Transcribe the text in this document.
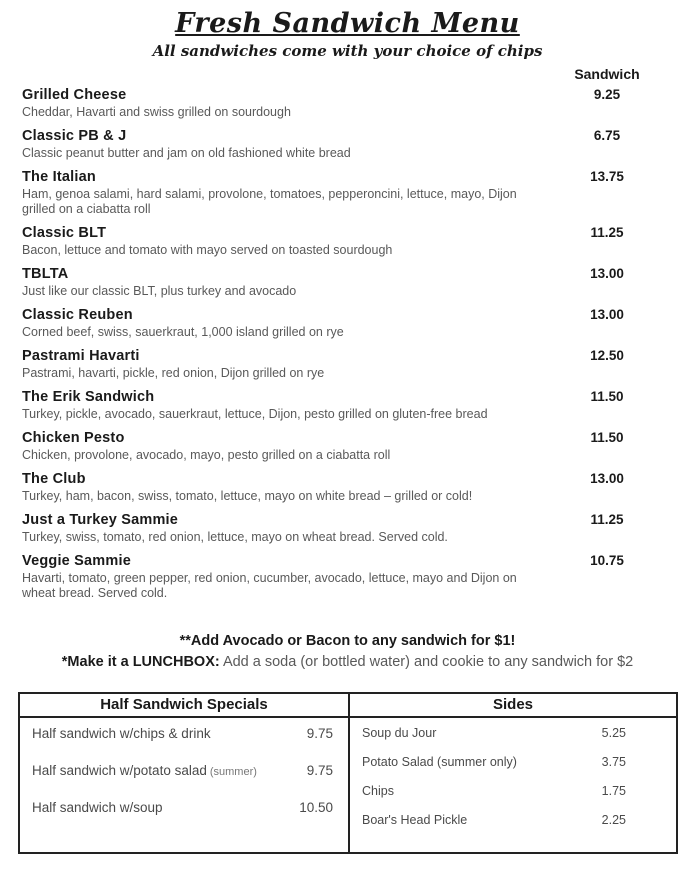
Fresh Sandwich Menu
All sandwiches come with your choice of chips
Sandwich
Grilled Cheese	9.25
Cheddar, Havarti and swiss grilled on sourdough
Classic PB & J	6.75
Classic peanut butter and jam on old fashioned white bread
The Italian	13.75
Ham, genoa salami, hard salami, provolone, tomatoes, pepperoncini, lettuce, mayo, Dijon grilled on a ciabatta roll
Classic BLT	11.25
Bacon, lettuce and tomato with mayo served on toasted sourdough
TBLTA	13.00
Just like our classic BLT, plus turkey and avocado
Classic Reuben	13.00
Corned beef, swiss, sauerkraut, 1,000 island grilled on rye
Pastrami Havarti	12.50
Pastrami, havarti, pickle, red onion, Dijon grilled on rye
The Erik Sandwich	11.50
Turkey, pickle, avocado, sauerkraut, lettuce, Dijon, pesto grilled on gluten-free bread
Chicken Pesto	11.50
Chicken, provolone, avocado, mayo, pesto grilled on a ciabatta roll
The Club	13.00
Turkey, ham, bacon, swiss, tomato, lettuce, mayo on white bread – grilled or cold!
Just a Turkey Sammie	11.25
Turkey, swiss, tomato, red onion, lettuce, mayo on wheat bread. Served cold.
Veggie Sammie	10.75
Havarti, tomato, green pepper, red onion, cucumber, avocado, lettuce, mayo and Dijon on wheat bread. Served cold.
**Add Avocado or Bacon to any sandwich for $1!
*Make it a LUNCHBOX: Add a soda (or bottled water) and cookie to any sandwich for $2
Half Sandwich Specials
Half sandwich w/chips & drink	9.75
Half sandwich w/potato salad (summer)	9.75
Half sandwich w/soup	10.50
Sides
Soup du Jour	5.25
Potato Salad (summer only)	3.75
Chips	1.75
Boar's Head Pickle	2.25
